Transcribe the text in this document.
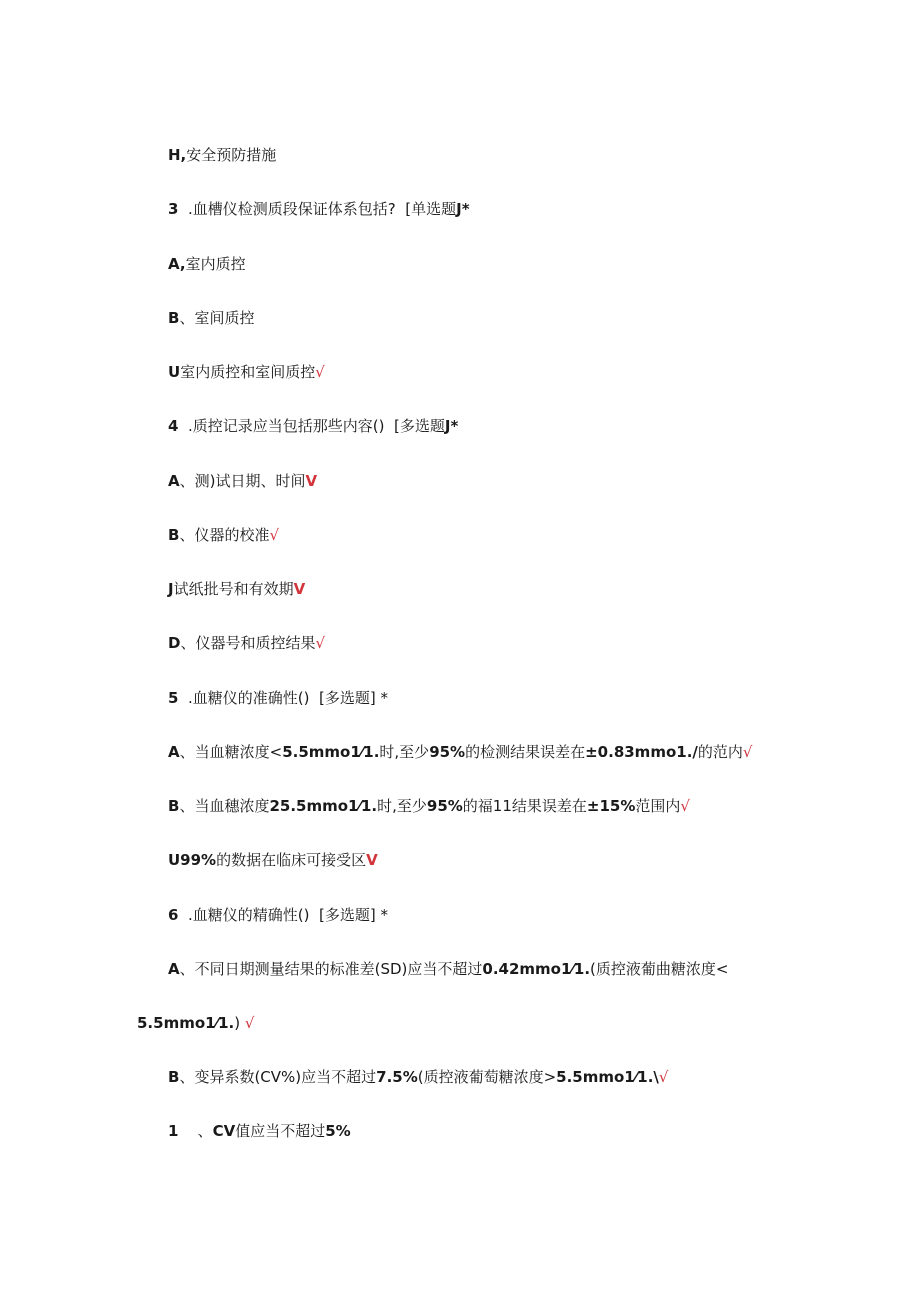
H,安全预防措施
3 .血槽仪检测质段保证体系包括? [单选题J*
A,室内质控
B、室间质控
U室内质控和室间质控√
4 .质控记录应当包括那些内容() [多选题J*
A、测)试日期、时间V
B、仪器的校准√
J试纸批号和有效期V
D、仪器号和质控结果√
5 .血糖仪的准确性() [多选题] *
A、当血糖浓度<5.5mmo1⁄1.时,至少95%的检测结果误差在±0.83mmo1./的范内√
B、当血穗浓度25.5mmo1⁄1.时,至少95%的福11结果误差在±15%范围内√
U99%的数据在临床可接受区V
6 .血糖仪的精确性() [多选题] *
A、不同日期测量结果的标准差(SD)应当不超过0.42mmo1⁄1.(质控液葡曲糖浓度<
5.5mmo1⁄1.) √
B、变异系数(CV%)应当不超过7.5%(质控液葡萄糖浓度>5.5mmo1⁄1.\√
1 、CV值应当不超过5%
